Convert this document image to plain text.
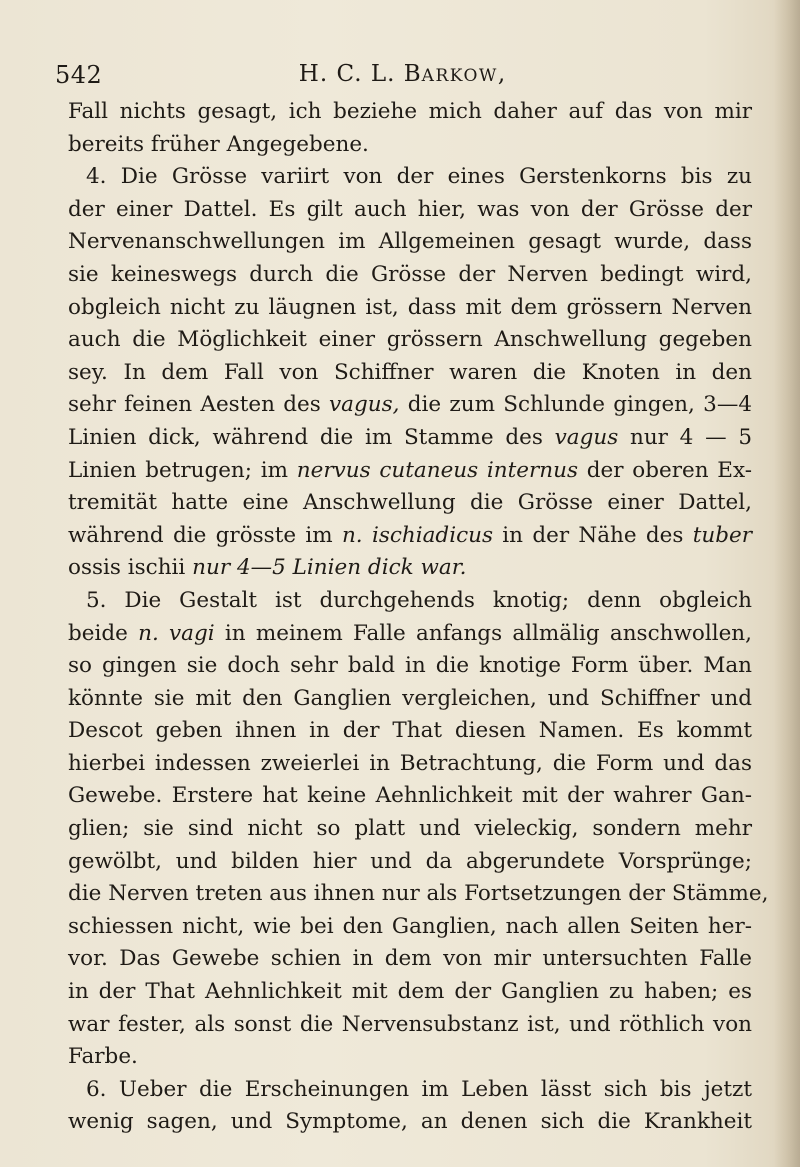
542	H. C. L. BARKOW,
Fall nichts gesagt, ich beziehe mich daher auf das von mir
bereits früher Angegebene.
4. Die Grösse variirt von der eines Gerstenkorns bis zu
der einer Dattel. Es gilt auch hier, was von der Grösse der
Nervenanschwellungen im Allgemeinen gesagt wurde, dass
sie keineswegs durch die Grösse der Nerven bedingt wird,
obgleich nicht zu läugnen ist, dass mit dem grössern Nerven
auch die Möglichkeit einer grössern Anschwellung gegeben
sey. In dem Fall von Schiffner waren die Knoten in den
sehr feinen Aesten des vagus, die zum Schlunde gingen, 3—4
Linien dick, während die im Stamme des vagus nur 4 — 5
Linien betrugen; im nervus cutaneus internus der oberen Ex-
tremität hatte eine Anschwellung die Grösse einer Dattel,
während die grösste im n. ischiadicus in der Nähe des tuber
ossis ischii nur 4—5 Linien dick war.
5. Die Gestalt ist durchgehends knotig; denn obgleich
beide n. vagi in meinem Falle anfangs allmälig anschwollen,
so gingen sie doch sehr bald in die knotige Form über. Man
könnte sie mit den Ganglien vergleichen, und Schiffner und
Descot geben ihnen in der That diesen Namen. Es kommt
hierbei indessen zweierlei in Betrachtung, die Form und das
Gewebe. Erstere hat keine Aehnlichkeit mit der wahrer Gan-
glien; sie sind nicht so platt und vieleckig, sondern mehr
gewölbt, und bilden hier und da abgerundete Vorsprünge;
die Nerven treten aus ihnen nur als Fortsetzungen der Stämme,
schiessen nicht, wie bei den Ganglien, nach allen Seiten her-
vor. Das Gewebe schien in dem von mir untersuchten Falle
in der That Aehnlichkeit mit dem der Ganglien zu haben; es
war fester, als sonst die Nervensubstanz ist, und röthlich von
Farbe.
6. Ueber die Erscheinungen im Leben lässt sich bis jetzt
wenig sagen, und Symptome, an denen sich die Krankheit
